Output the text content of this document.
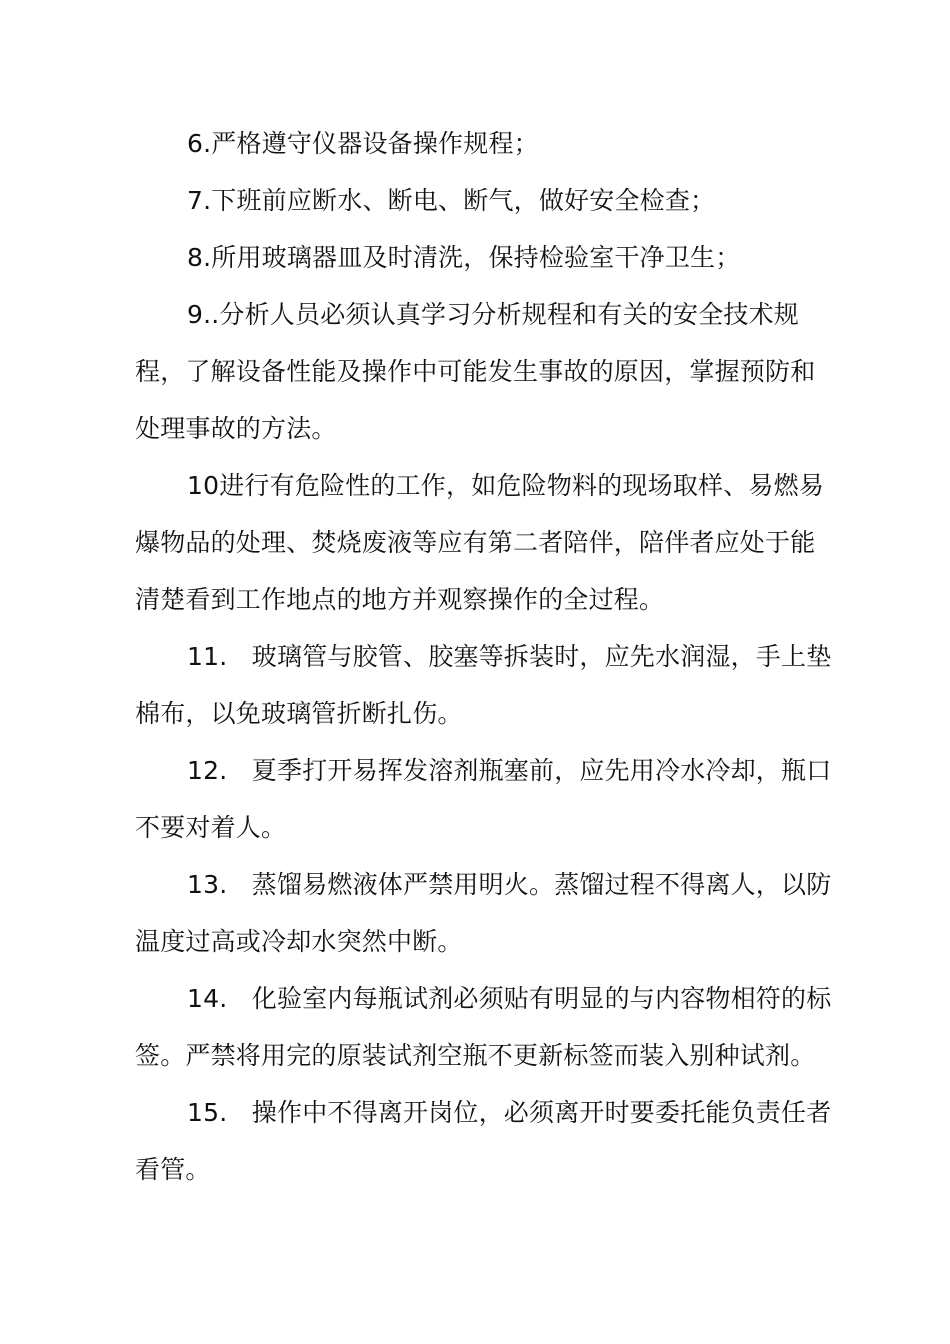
6.严格遵守仪器设备操作规程；

7.下班前应断水、断电、断气，做好安全检查；

8.所用玻璃器皿及时清洗，保持检验室干净卫生；

9..分析人员必须认真学习分析规程和有关的安全技术规程，了解设备性能及操作中可能发生事故的原因，掌握预防和处理事故的方法。

10进行有危险性的工作，如危险物料的现场取样、易燃易爆物品的处理、焚烧废液等应有第二者陪伴，陪伴者应处于能清楚看到工作地点的地方并观察操作的全过程。

11.   玻璃管与胶管、胶塞等拆装时，应先水润湿，手上垫棉布，以免玻璃管折断扎伤。

12.   夏季打开易挥发溶剂瓶塞前，应先用冷水冷却，瓶口不要对着人。

13.   蒸馏易燃液体严禁用明火。蒸馏过程不得离人，以防温度过高或冷却水突然中断。

14.   化验室内每瓶试剂必须贴有明显的与内容物相符的标签。严禁将用完的原装试剂空瓶不更新标签而装入别种试剂。

15.   操作中不得离开岗位，必须离开时要委托能负责任者看管。
